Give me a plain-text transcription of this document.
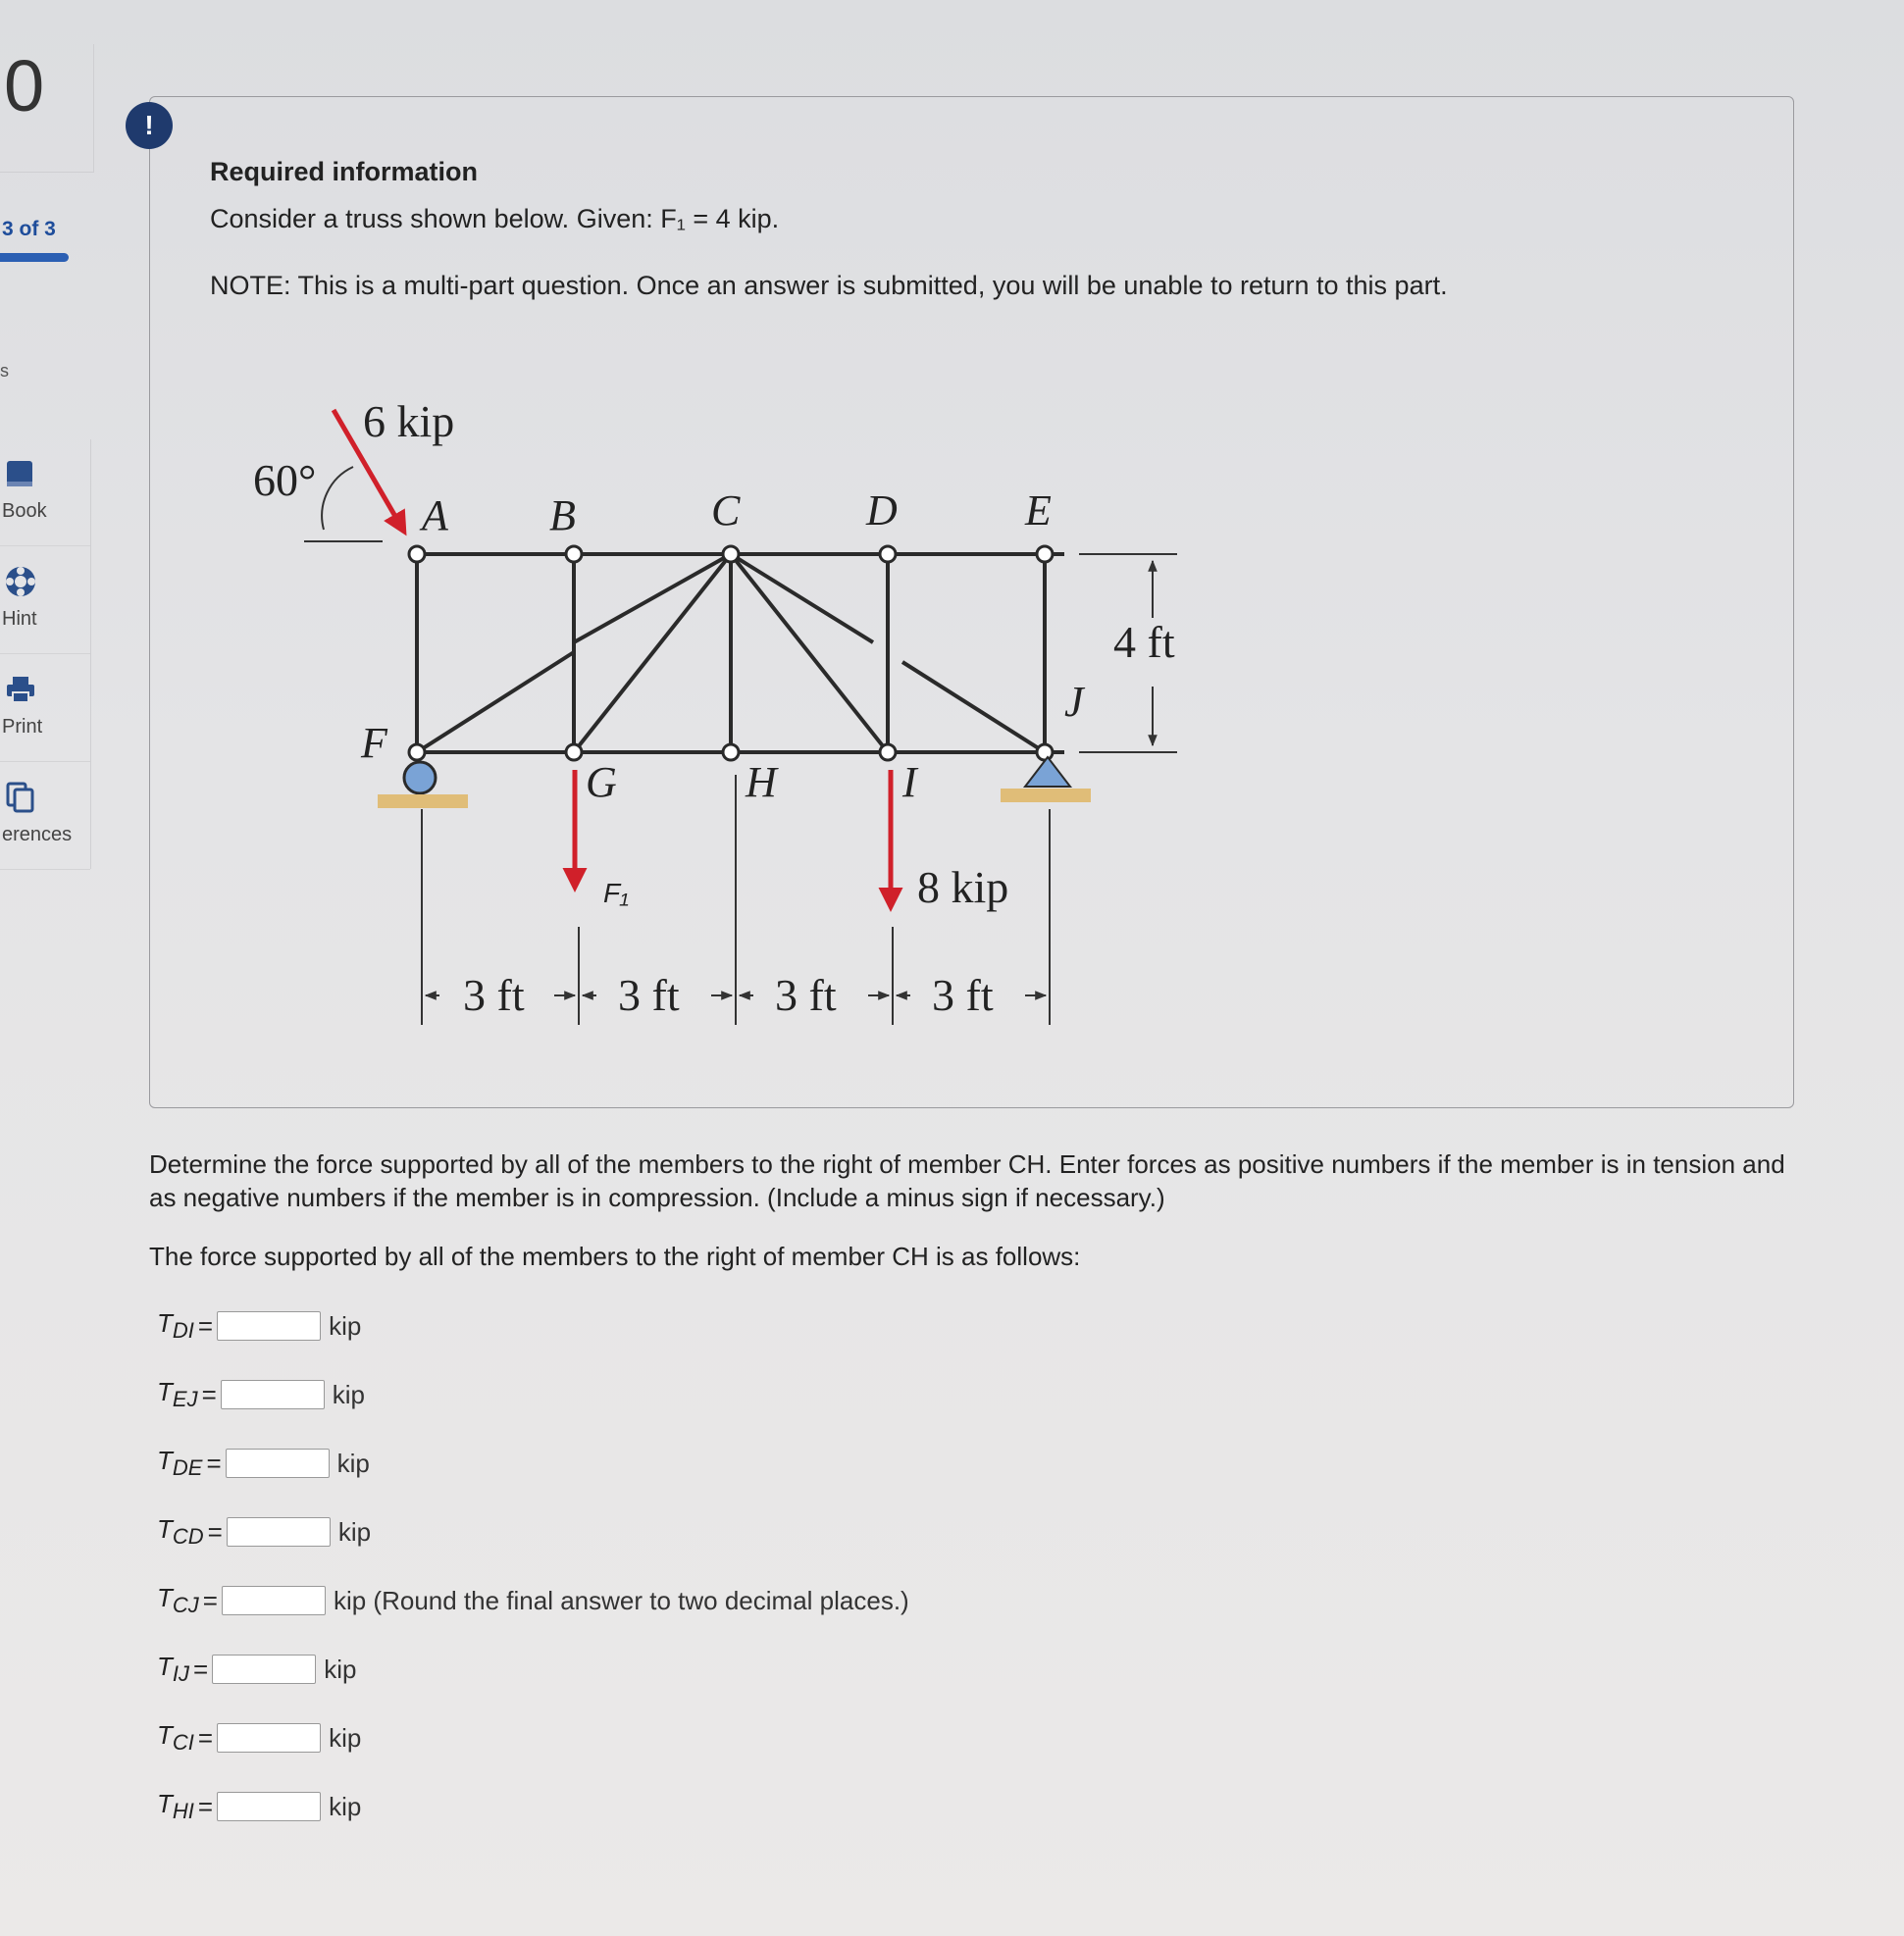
0
3 of 3
s
Book
Hint
Print
erences
!
Required information
Consider a truss shown below. Given: F₁ = 4 kip.
NOTE: This is a multi-part question. Once an answer is submitted, you will be unable to return to this part.
6 kip
60°
8 kip
4 ft
3 ft 3 ft 3 ft 3 ft
A B	C	D	E
F
G	H	I
J
F₁
Determine the force supported by all of the members to the right of member CH. Enter forces as positive numbers if the member is in tension and as negative numbers if the member is in compression. (Include a minus sign if necessary.)
The force supported by all of the members to the right of member CH is as follows:
$T_{DI}$ =	kip
$T_{EJ}$ =	kip
$T_{DE}$ =	kip
$T_{CD}$ =	kip
$T_{CJ}$ =	kip (Round the final answer to two decimal places.)
$T_{IJ}$ =	kip
$T_{CI}$ =	kip
$T_{HI}$ =	kip
